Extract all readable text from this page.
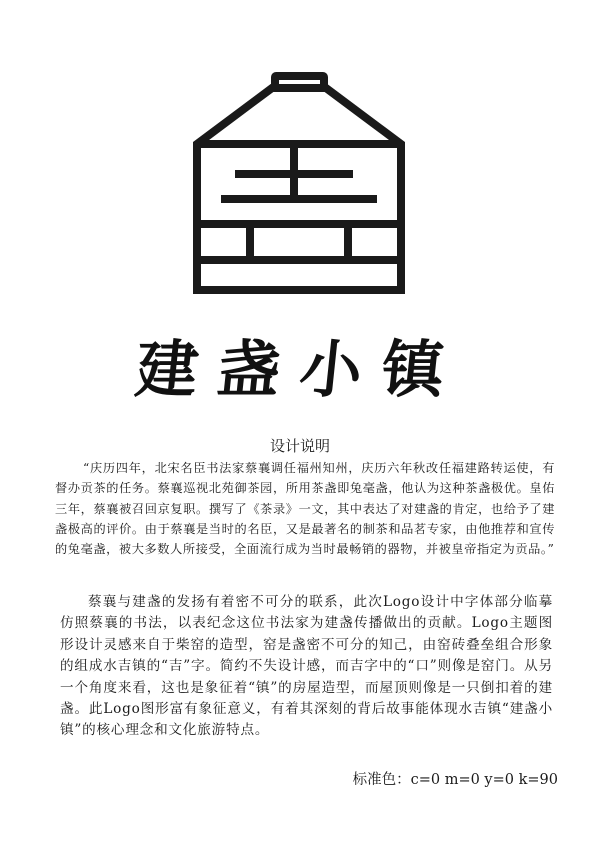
建盏小镇
设计说明

“庆历四年，北宋名臣书法家蔡襄调任福州知州，庆历六年秋改任福建路转运使，有督办贡茶的任务。蔡襄巡视北苑御茶园，所用茶盏即兔毫盏，他认为这种茶盏极优。皇佑三年，蔡襄被召回京复职。撰写了《茶录》一文，其中表达了对建盏的肯定，也给予了建盏极高的评价。由于蔡襄是当时的名臣，又是最著名的制茶和品茗专家，由他推荐和宣传的兔毫盏，被大多数人所接受，全面流行成为当时最畅销的器物，并被皇帝指定为贡品。”

蔡襄与建盏的发扬有着密不可分的联系，此次Logo设计中字体部分临摹仿照蔡襄的书法，以表纪念这位书法家为建盏传播做出的贡献。Logo主题图形设计灵感来自于柴窑的造型，窑是盏密不可分的知己，由窑砖叠垒组合形象的组成水吉镇的“吉”字。简约不失设计感，而吉字中的“口”则像是窑门。从另一个角度来看，这也是象征着“镇”的房屋造型，而屋顶则像是一只倒扣着的建盏。此Logo图形富有象征意义，有着其深刻的背后故事能体现水吉镇“建盏小镇”的核心理念和文化旅游特点。

标准色：c=0 m=0 y=0 k=90
